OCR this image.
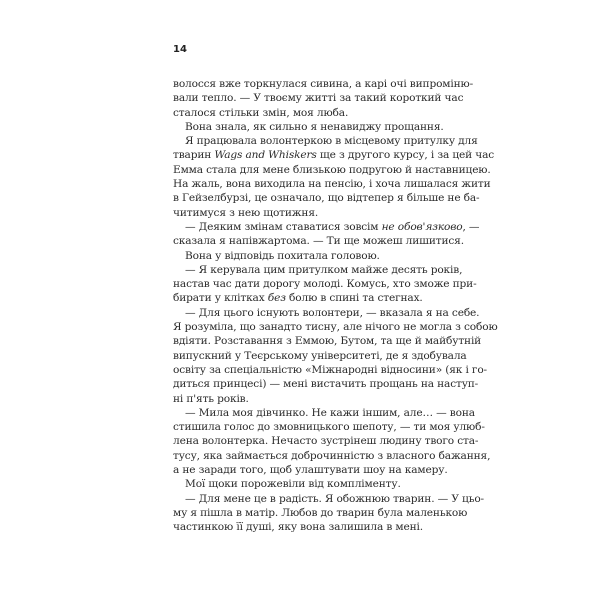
14
волосся вже торкнулася сивина, а карі очі випроміню-
вали тепло. — У твоєму житті за такий короткий час
сталося стільки змін, моя люба.
Вона знала, як сильно я ненавиджу прощання.
Я працювала волонтеркою в місцевому притулку для
тварин Wags and Whiskers ще з другого курсу, і за цей час
Емма стала для мене близькою подругою й наставницею.
На жаль, вона виходила на пенсію, і хоча лишалася жити
в Гейзелбурзі, це означало, що відтепер я більше не ба-
читимуся з нею щотижня.
— Деяким змінам ставатися зовсім не обов'язково, —
сказала я напівжартома. — Ти ще можеш лишитися.
Вона у відповідь похитала головою.
— Я керувала цим притулком майже десять років,
настав час дати дорогу молоді. Комусь, хто зможе при-
бирати у клітках без болю в спині та стегнах.
— Для цього існують волонтери, — вказала я на себе.
Я розуміла, що занадто тисну, але нічого не могла з собою
вдіяти. Розставання з Еммою, Бутом, та ще й майбутній
випускний у Теєрському університеті, де я здобувала
освіту за спеціальністю «Міжнародні відносини» (як і го-
диться принцесі) — мені вистачить прощань на наступ-
ні п'ять років.
— Мила моя дівчинко. Не кажи іншим, але… — вона
стишила голос до змовницького шепоту, — ти моя улюб-
лена волонтерка. Нечасто зустрінеш людину твого ста-
тусу, яка займається доброчинністю з власного бажання,
а не заради того, щоб улаштувати шоу на камеру.
Мої щоки порожевіли від компліменту.
— Для мене це в радість. Я обожнюю тварин. — У цьо-
му я пішла в матір. Любов до тварин була маленькою
частинкою її душі, яку вона залишила в мені.
